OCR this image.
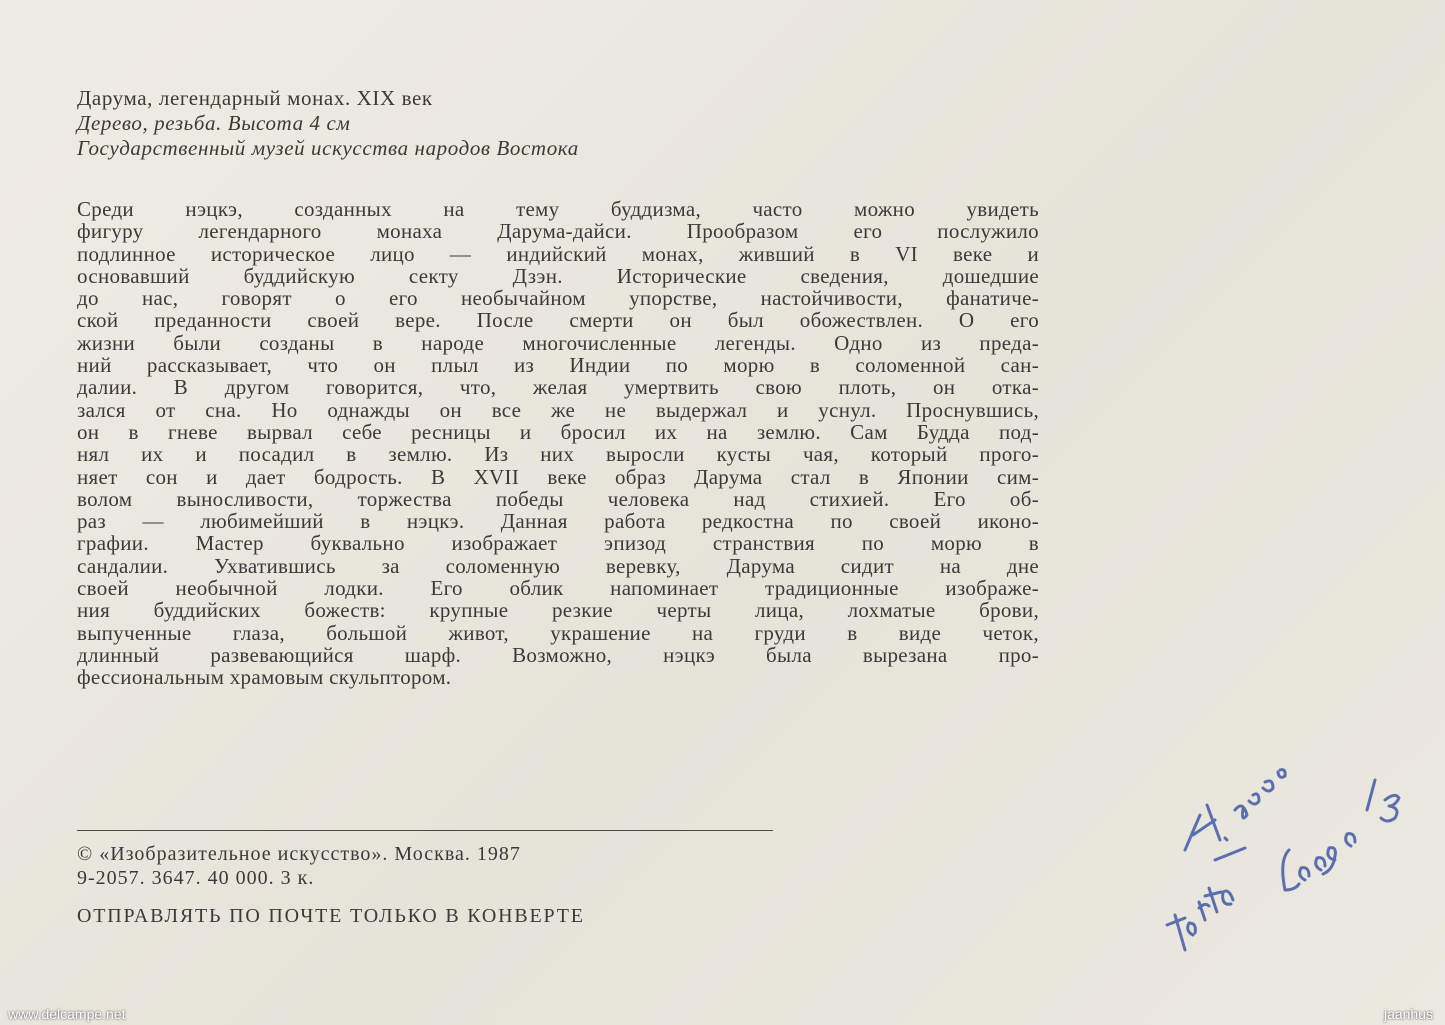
Дарума, легендарный монах. XIX век
Дерево, резьба. Высота 4 см
Государственный музей искусства народов Востока
Среди нэцкэ, созданных на тему буддизма, часто можно увидеть
фигуру легендарного монаха Дарума-дайси. Прообразом его послужило
подлинное историческое лицо — индийский монах, живший в VI веке и
основавший буддийскую секту Дзэн. Исторические сведения, дошедшие
до нас, говорят о его необычайном упорстве, настойчивости, фанатиче-
ской преданности своей вере. После смерти он был обожествлен. О его
жизни были созданы в народе многочисленные легенды. Одно из преда-
ний рассказывает, что он плыл из Индии по морю в соломенной сан-
далии. В другом говорится, что, желая умертвить свою плоть, он отка-
зался от сна. Но однажды он все же не выдержал и уснул. Проснувшись,
он в гневе вырвал себе ресницы и бросил их на землю. Сам Будда под-
нял их и посадил в землю. Из них выросли кусты чая, который прого-
няет сон и дает бодрость. В XVII веке образ Дарума стал в Японии сим-
волом выносливости, торжества победы человека над стихией. Его об-
раз — любимейший в нэцкэ. Данная работа редкостна по своей иконо-
графии. Мастер буквально изображает эпизод странствия по морю в
сандалии. Ухватившись за соломенную веревку, Дарума сидит на дне
своей необычной лодки. Его облик напоминает традиционные изображе-
ния буддийских божеств: крупные резкие черты лица, лохматые брови,
выпученные глаза, большой живот, украшение на груди в виде четок,
длинный развевающийся шарф. Возможно, нэцкэ была вырезана про-
фессиональным храмовым скульптором.
© «Изобразительное искусство». Москва. 1987
9-2057. 3647. 40 000. 3 к.
ОТПРАВЛЯТЬ ПО ПОЧТЕ ТОЛЬКО В КОНВЕРТЕ
www.delcampe.net	jaanhus
